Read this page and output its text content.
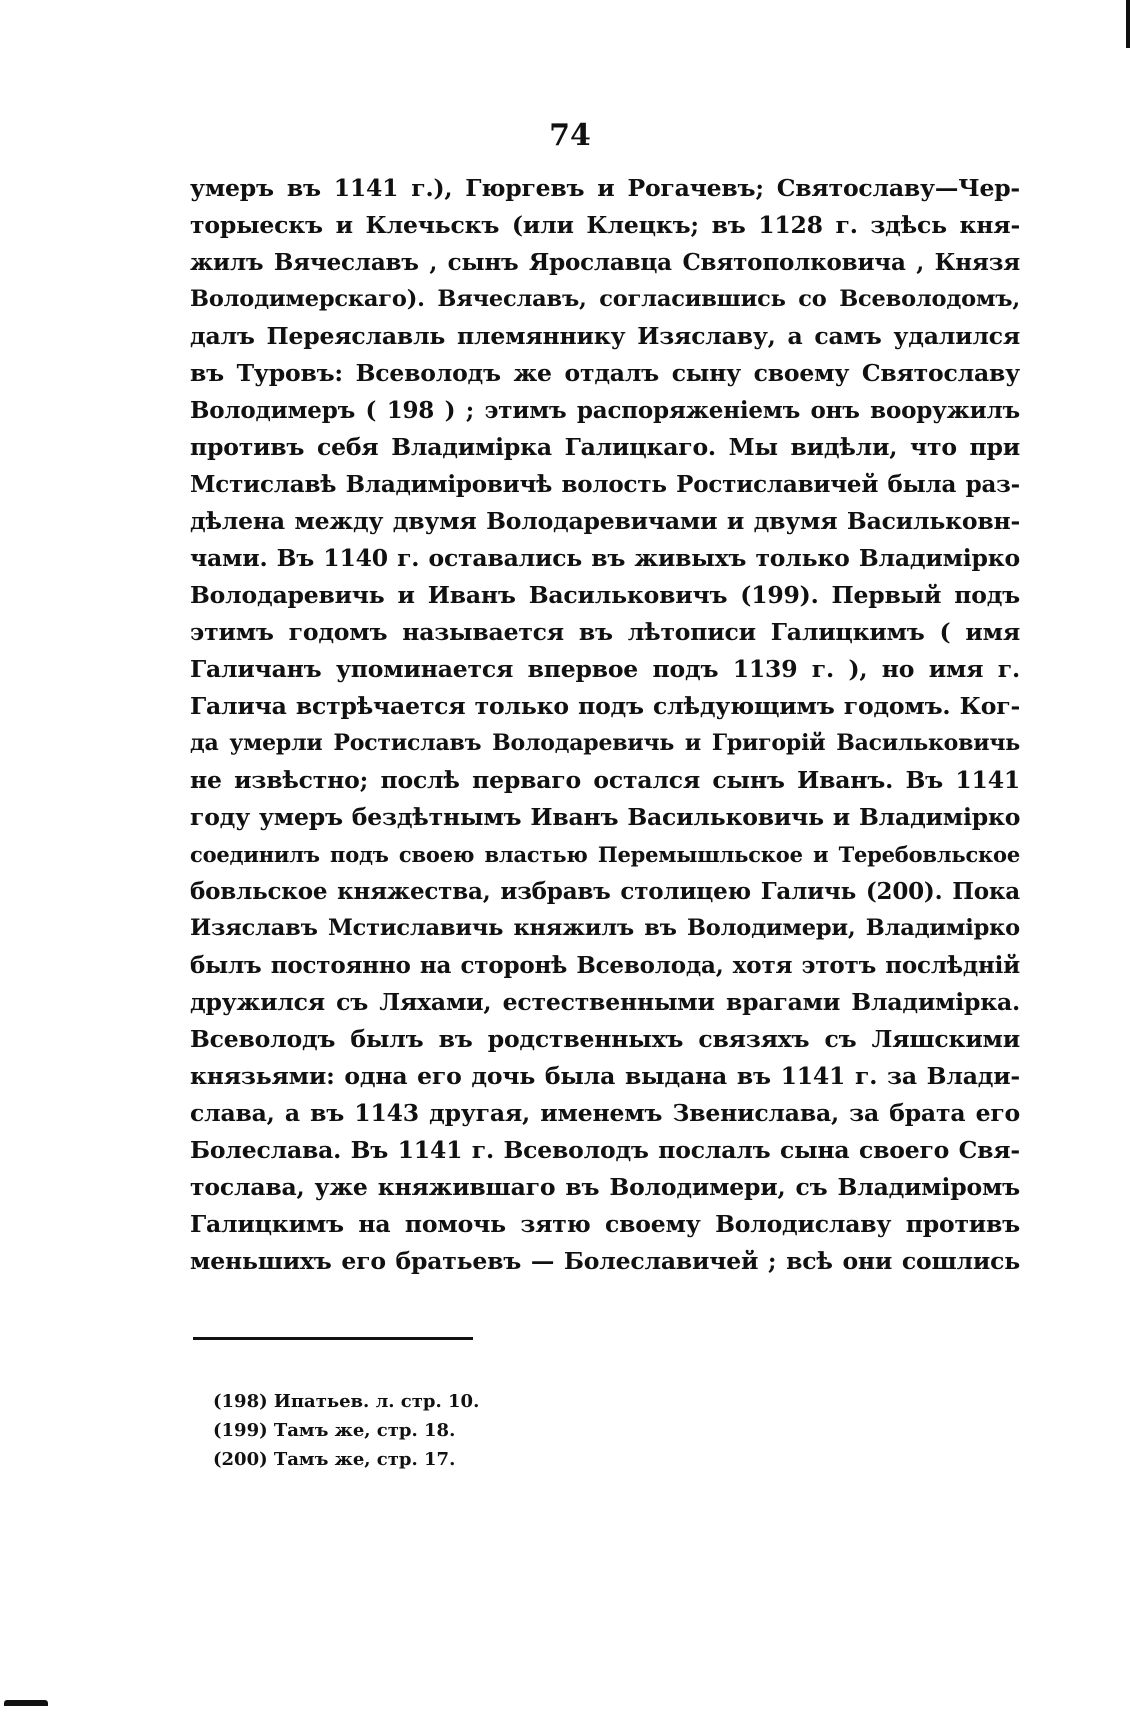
74
умеръ въ 1141 г.), Гюргевъ и Рогачевъ; Святославу—Чер-
торыескъ и Клечьскъ (или Клецкъ; въ 1128 г. здѣсь кня-
жилъ Вячеславъ , сынъ Ярославца Святополковича , Князя
Володимерскаго). Вячеславъ, согласившись со Всеволодомъ,
далъ Переяславль племяннику Изяславу, а самъ удалился
въ Туровъ: Всеволодъ же отдалъ сыну своему Святославу
Володимеръ ( 198 ) ; этимъ распоряженіемъ онъ вооружилъ
противъ себя Владимірка Галицкаго. Мы видѣли, что при
Мстиславѣ Владиміровичѣ волость Ростиславичей была раз-
дѣлена между двумя Володаревичами и двумя Васильковн-
чами. Въ 1140 г. оставались въ живыхъ только Владимірко
Володаревичь и Иванъ Васильковичъ (199). Первый подъ
этимъ годомъ называется въ лѣтописи Галицкимъ ( имя
Галичанъ упоминается впервое подъ 1139 г. ), но имя г.
Галича встрѣчается только подъ слѣдующимъ годомъ. Ког-
да умерли Ростиславъ Володаревичь и Григорій Васильковичь
не извѣстно; послѣ перваго остался сынъ Иванъ. Въ 1141
году умеръ бездѣтнымъ Иванъ Васильковичь и Владимірко
соединилъ подъ своею властью Перемышльское и Теребовльское
бовльское княжества, избравъ столицею Галичь (200). Пока
Изяславъ Мстиславичь княжилъ въ Володимери, Владимірко
былъ постоянно на сторонѣ Всеволода, хотя этотъ послѣдній
дружился съ Ляхами, естественными врагами Владимірка.
Всеволодъ былъ въ родственныхъ связяхъ съ Ляшскими
князьями: одна его дочь была выдана въ 1141 г. за Влади-
слава, а въ 1143 другая, именемъ Звенислава, за брата его
Болеслава. Въ 1141 г. Всеволодъ послалъ сына своего Свя-
тослава, уже княжившаго въ Володимери, съ Владиміромъ
Галицкимъ на помочь зятю своему Володиславу противъ
меньшихъ его братьевъ — Болеславичей ; всѣ они сошлись
(198) Ипатьев. л. стр. 10.
(199) Тамъ же, стр. 18.
(200) Тамъ же, стр. 17.
